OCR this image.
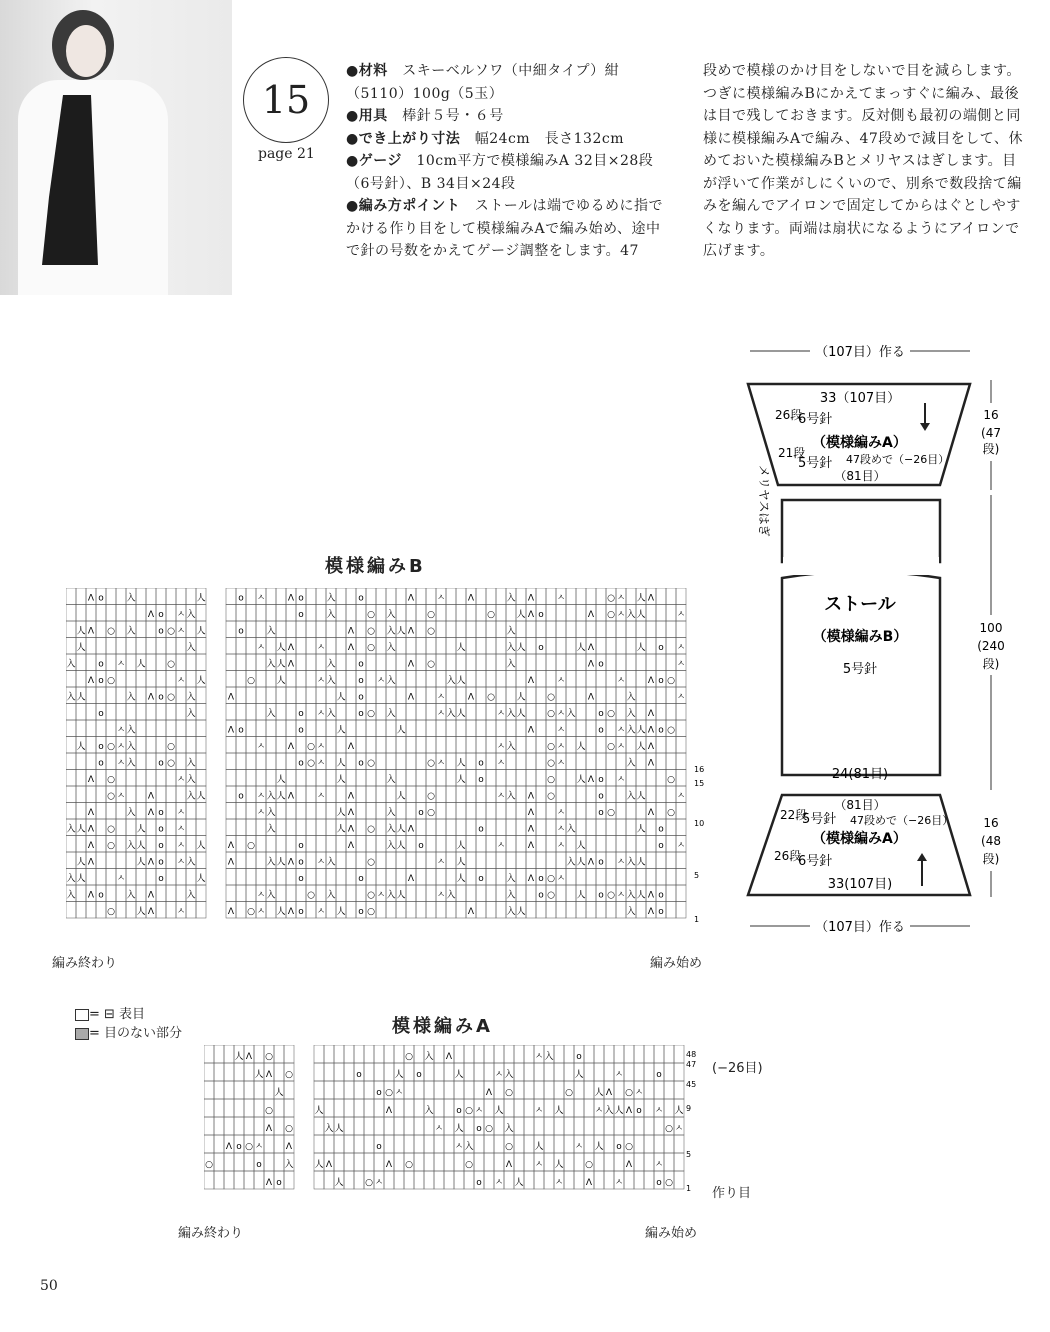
15
page 21
●材料　 スキーベルソワ（中細タイプ）紺（5110）100g（5玉）
●用具　 棒針５号・６号
●でき上がり寸法　 幅24cm　長さ132cm
●ゲージ　 10cm平方で模様編みA 32目×28段（6号針）、B 34目×24段
●編み方ポイント　 ストールは端でゆるめに指でかける作り目をして模様編みAで編み始め、途中で針の号数をかえてゲージ調整をします。47
段めで模様のかけ目をしないで目を減らします。つぎに模様編みBにかえてまっすぐに編み、最後は目で残しておきます。反対側も最初の端側と同様に模様編みAで編み、47段めで減目をして、休めておいた模様編みBとメリヤスはぎします。目が浮いて作業がしにくいので、別糸で数段捨て編みを編んでアイロンで固定してからはぐとしやすくなります。両端は扇状になるようにアイロンで広げます。
（107目）作る
33（107目）
26段
6号針
（模様編みA）
21段
5号針 47段めで（−26目）
（81目）
メリヤスはぎ
16
(47
段)
ストール
（模様編みB）
5号針
100
(240
段)
24(81目)
（81目）
22段
5号針 47段めで（−26目）
（模様編みA）
26段
6号針
33(107目)
16
(48
段)
（107目）作る
模様編みB
Λ o	入	人	o ㅅ	Λ o	入	o	Λ	ㅅ	Λ	入 Λ	ㅅ	○ ㅅ 人 Λ
Λ o ㅅ 入	o	入	○ 入	○	○ 人 Λ o	Λ ○ ㅅ 入 人	ㅅ
人 Λ ○ 入	o ○ ㅅ 人	o	入	Λ ○ 入 人 Λ ○	入
人	入	ㅅ 人 Λ	ㅅ	Λ ○ 入	人	入 人 o	人 Λ	人 o ㅅ
入	o ㅅ 人 ○	入 人 Λ	入	o	Λ ○	入	Λ o	ㅅ
Λ o ○	ㅅ 人	○ 人	ㅅ 入	o ㅅ 入	入 人	Λ	ㅅ	ㅅ	Λ o ○
入 人	入 Λ o ○ 入	Λ	人 o	Λ	ㅅ	Λ ○ 人 ○	Λ	入	ㅅ
o	入	入	o ㅅ 入	o ○ 入	ㅅ 入 人	ㅅ 入 人 ○ ㅅ 入	o ○ 入 Λ
ㅅ 入	Λ o	o	人	人	Λ	ㅅ	o ㅅ 入 人 Λ o ○
人 o ○ ㅅ 入	○	ㅅ	Λ ○ ㅅ	Λ	ㅅ 入	○ ㅅ 人 ○ ㅅ 人 Λ
o ㅅ 入	o ○ 入	o ○ ㅅ 人 o ○	○ ㅅ 人 o ㅅ	○ ㅅ	入 Λ
Λ ○	ㅅ 入	人	人	入	人 o	○ 人 Λ o ㅅ	○
○ ㅅ	Λ	入 人	o ㅅ 入 人 Λ	ㅅ	Λ	人 ○	ㅅ 入 Λ ○	o	入 人	ㅅ
Λ	入 Λ o ㅅ	ㅅ 入	人 Λ	入	o ○	Λ	ㅅ	o ○	Λ ○
入 人 Λ ○ 人 o ㅅ	入	人 Λ ○ 入 人 Λ	o	Λ	ㅅ 入	人 o
Λ ○ 入 人 o ㅅ 人 Λ ○	o	Λ	入 人 o	人	ㅅ	Λ	ㅅ 人	o ㅅ
人 Λ	人 Λ o ㅅ 入	Λ	入 人 Λ o ㅅ 入	○	ㅅ 人	入 人 Λ o ㅅ 入 人
入 人	ㅅ	o	人	o	o	Λ	人 o	入 Λ o ○ ㅅ
入 Λ o	入 Λ	入	ㅅ 入	○ 入	○ ㅅ 入 人	ㅅ 入	入	o ○ 人 o ○ ㅅ 入 人 Λ o
○ 人 Λ	ㅅ	Λ ○ ㅅ 人 Λ o ㅅ 人 o ○	Λ	入 人	入 Λ o
16
15
10
5
1
編み終わり	編み始め
= ⊟ 表目
= 目のない部分	模様編みA
人 Λ ○	○ 入 Λ	ㅅ 入	o
人 Λ ○	o	人 o	人	ㅅ 入	人	ㅅ	o
人	o ○ ㅅ	Λ ○	○ 人 Λ ○ ㅅ
○	人	Λ	入	o ○ ㅅ 人	ㅅ 人	ㅅ 入 人 Λ o ㅅ 人
Λ ○	入 人	ㅅ 人 o ○ 入	○ ㅅ
Λ o ○ ㅅ	Λ	o	ㅅ 入	○ 人	ㅅ 人 o ○
○	o	入 人 Λ	Λ ○	○	Λ	ㅅ 人 ○	Λ	ㅅ
Λ o	人 ○ ㅅ	o ㅅ 人	ㅅ	Λ	ㅅ	o ○
48
47
45
9
5
1
(−26目)
作り目
編み終わり	編み始め
50
